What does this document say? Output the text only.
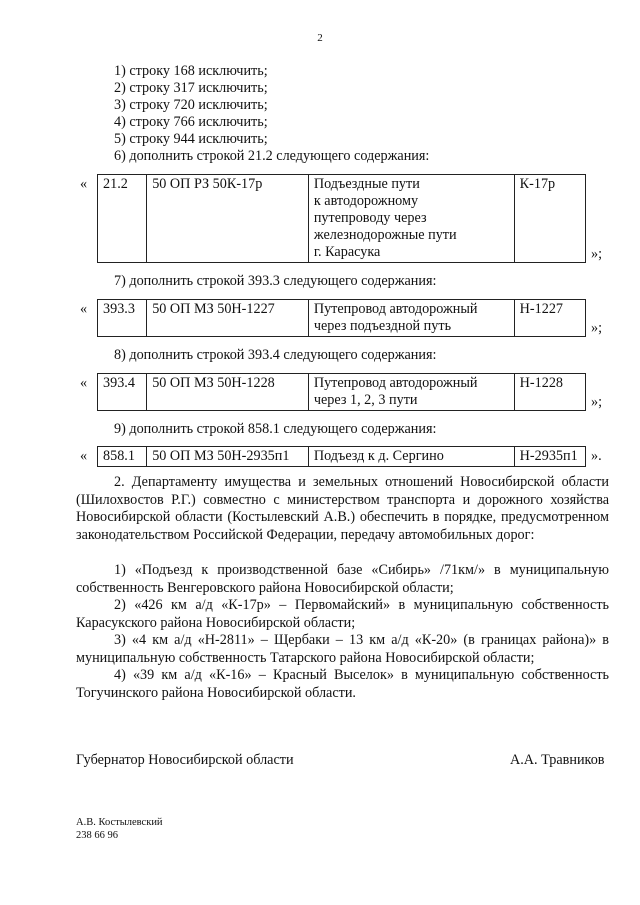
2
1) строку 168 исключить;
2) строку 317 исключить;
3) строку 720 исключить;
4) строку 766 исключить;
5) строку 944 исключить;
6) дополнить строкой 21.2 следующего содержания:
« 21.2	50 ОП РЗ 50К-17р	Подъездные пути
к автодорожному
путепроводу через
железнодорожные пути
г. Карасука
	К-17р
»;
7) дополнить строкой 393.3 следующего содержания:
« 393.3	50 ОП МЗ 50Н-1227	Путепровод автодорожный
через подъездной путь
	Н-1227
»;
8) дополнить строкой 393.4 следующего содержания:
« 393.4	50 ОП МЗ 50Н-1228	Путепровод автодорожный
через 1, 2, 3 пути
	Н-1228
»;
9) дополнить строкой 858.1 следующего содержания:
« 858.1	50 ОП МЗ 50Н-2935п1	Подъезд к д. Сергино	Н-2935п1 ».
2. Департаменту имущества и земельных отношений Новосибирской области (Шилохвостов Р.Г.) совместно с министерством транспорта и дорожного хозяйства Новосибирской области (Костылевский А.В.) обеспечить в порядке, предусмотренном законодательством Российской Федерации, передачу автомобильных дорог:
1) «Подъезд к производственной базе «Сибирь» /71км/» в муниципальную собственность Венгеровского района Новосибирской области;
2) «426 км а/д «К-17р» – Первомайский» в муниципальную собственность Карасукского района Новосибирской области;
3) «4 км а/д «Н-2811» – Щербаки – 13 км а/д «К-20» (в границах района)» в муниципальную собственность Татарского района Новосибирской области;
4) «39 км а/д «К-16» – Красный Выселок» в муниципальную собственность Тогучинского района Новосибирской области.
Губернатор Новосибирской области	А.А. Травников
А.В. Костылевский
238 66 96
